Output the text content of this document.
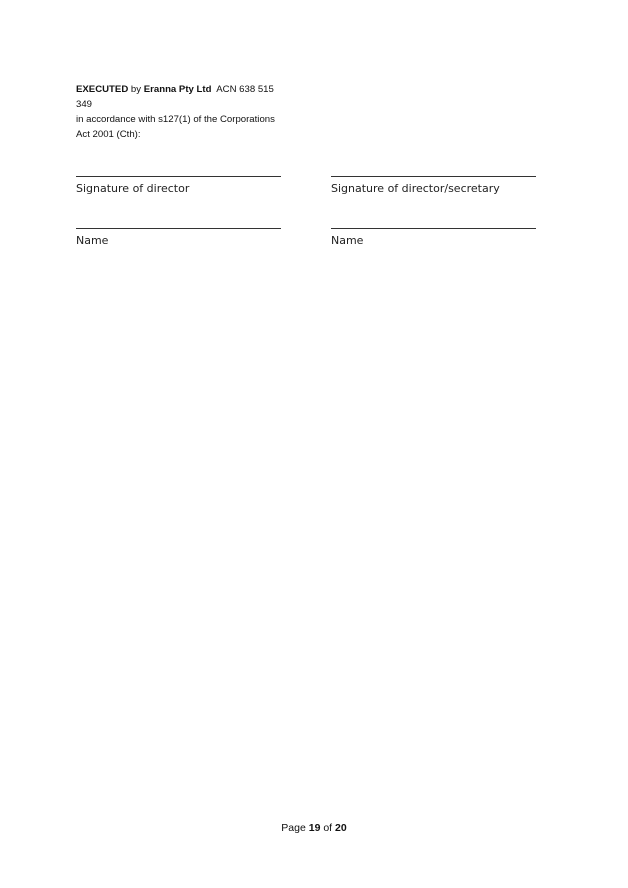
EXECUTED by Eranna Pty Ltd ACN 638 515 349
in accordance with s127(1) of the Corporations
Act 2001 (Cth):
Signature of director	Signature of director/secretary
Name	Name
Page 19 of 20
